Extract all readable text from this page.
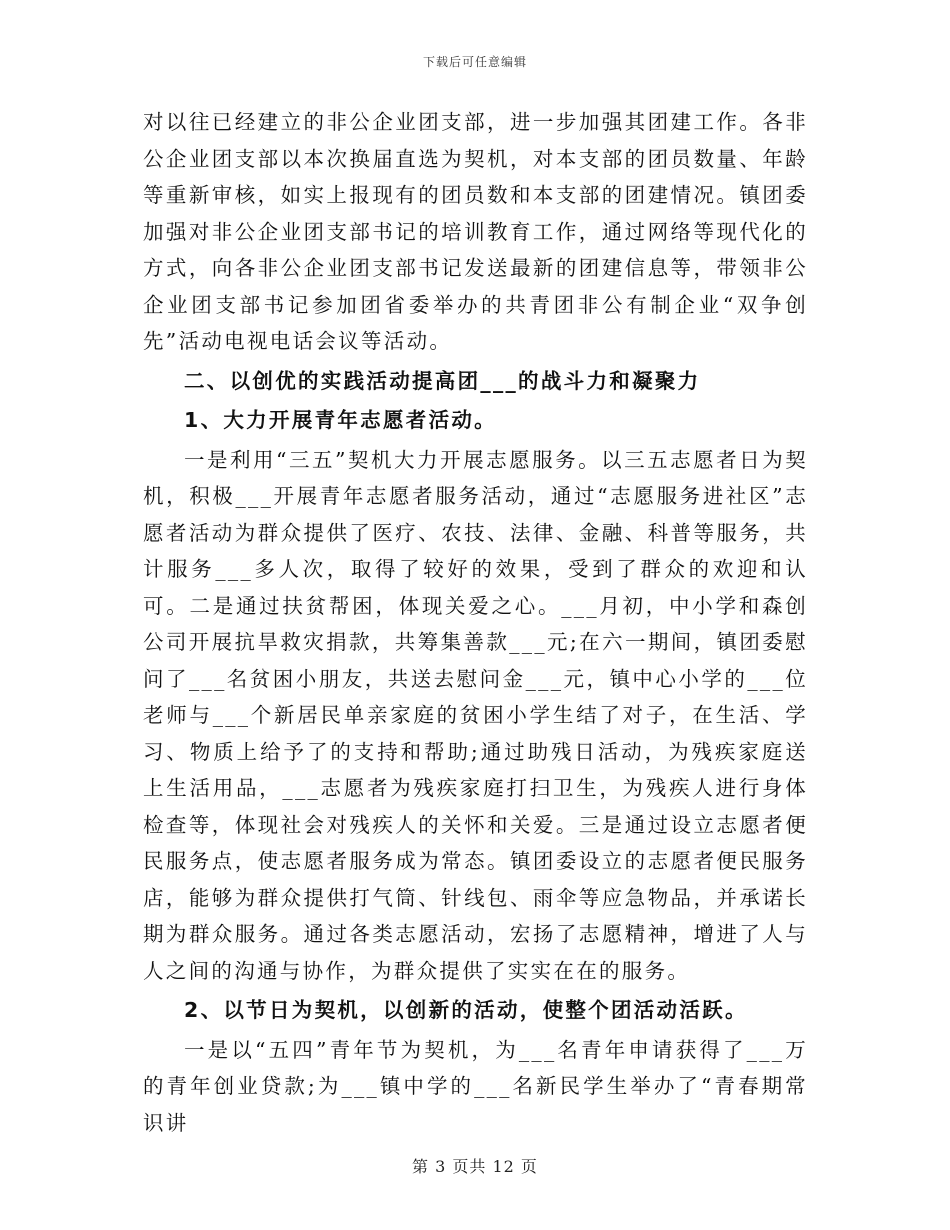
下载后可任意编辑

对以往已经建立的非公企业团支部，进一步加强其团建工作。各非公企业团支部以本次换届直选为契机，对本支部的团员数量、年龄等重新审核，如实上报现有的团员数和本支部的团建情况。镇团委加强对非公企业团支部书记的培训教育工作，通过网络等现代化的方式，向各非公企业团支部书记发送最新的团建信息等，带领非公企业团支部书记参加团省委举办的共青团非公有制企业“双争创先”活动电视电话会议等活动。

二、以创优的实践活动提高团___的战斗力和凝聚力

1、大力开展青年志愿者活动。

一是利用“三五”契机大力开展志愿服务。以三五志愿者日为契机，积极___开展青年志愿者服务活动，通过“志愿服务进社区”志愿者活动为群众提供了医疗、农技、法律、金融、科普等服务，共计服务___多人次，取得了较好的效果，受到了群众的欢迎和认可。二是通过扶贫帮困，体现关爱之心。___月初，中小学和森创公司开展抗旱救灾捐款，共筹集善款___元;在六一期间，镇团委慰问了___名贫困小朋友，共送去慰问金___元，镇中心小学的___位老师与___个新居民单亲家庭的贫困小学生结了对子，在生活、学习、物质上给予了的支持和帮助;通过助残日活动，为残疾家庭送上生活用品，___志愿者为残疾家庭打扫卫生，为残疾人进行身体检查等，体现社会对残疾人的关怀和关爱。三是通过设立志愿者便民服务点，使志愿者服务成为常态。镇团委设立的志愿者便民服务店，能够为群众提供打气筒、针线包、雨伞等应急物品，并承诺长期为群众服务。通过各类志愿活动，宏扬了志愿精神，增进了人与人之间的沟通与协作，为群众提供了实实在在的服务。

2、以节日为契机，以创新的活动，使整个团活动活跃。

一是以“五四”青年节为契机，为___名青年申请获得了___万的青年创业贷款;为___镇中学的___名新民学生举办了“青春期常识讲

第 3 页共 12 页
